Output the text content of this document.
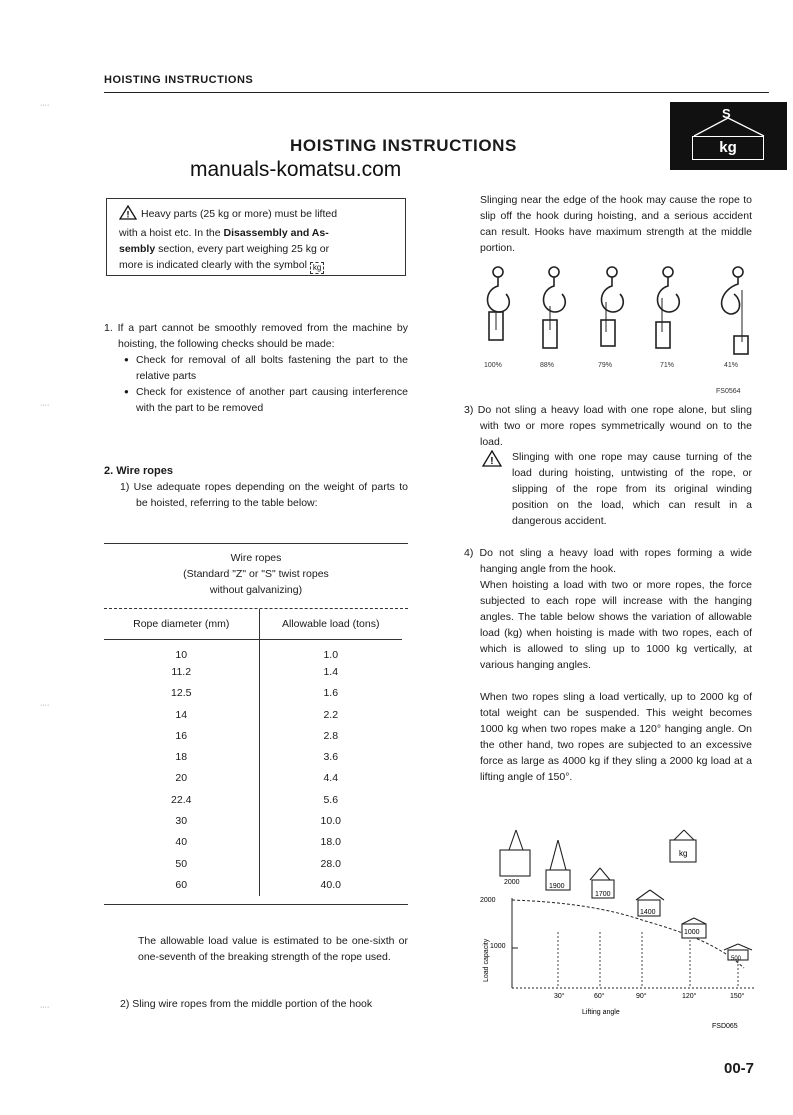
HOISTING INSTRUCTIONS
····
····
····
····
HOISTING INSTRUCTIONS
manuals-komatsu.com
S
kg
! Heavy parts (25 kg or more) must be lifted
with a hoist etc. In the Disassembly and As-
sembly section, every part weighing 25 kg or
more is indicated clearly with the symbol kg
1. If a part cannot be smoothly removed from the machine by hoisting, the following checks should be made:
● Check for removal of all bolts fastening the part to the relative parts
● Check for existence of another part causing interference with the part to be removed
2. Wire ropes
1) Use adequate ropes depending on the weight of parts to be hoisted, referring to the table below:
Wire ropes
(Standard "Z" or "S" twist ropes
without galvanizing)
Rope diameter (mm)	Allowable load (tons)

10	1.0
11.2	1.4
12.5	1.6
14	2.2
16	2.8
18	3.6
20	4.4
22.4	5.6
30	10.0
40	18.0
50	28.0
60	40.0
The allowable load value is estimated to be one-sixth or one-seventh of the breaking strength of the rope used.
2) Sling wire ropes from the middle portion of the hook
Slinging near the edge of the hook may cause the rope to slip off the hook during hoisting, and a serious accident can result. Hooks have maximum strength at the middle portion.
100%	88%	79%	71%	41%
FS0564
3) Do not sling a heavy load with one rope alone, but sling with two or more ropes symmetrically wound on to the load.
! Slinging with one rope may cause turning of the load during hoisting, untwisting of the rope, or slipping of the rope from its original winding position on the load, which can result in a dangerous accident.
4) Do not sling a heavy load with ropes forming a wide hanging angle from the hook.
When hoisting a load with two or more ropes, the force subjected to each rope will increase with the hanging angles. The table below shows the variation of allowable load (kg) when hoisting is made with two ropes, each of which is allowed to sling up to 1000 kg vertically, at various hanging angles.
When two ropes sling a load vertically, up to 2000 kg of total weight can be suspended. This weight becomes 1000 kg when two ropes make a 120° hanging angle. On the other hand, two ropes are subjected to an excessive force as large as 4000 kg if they sling a 2000 kg load at a lifting angle of 150°.
2000
1900
1700
1400
1000
500
kg
2000
1000
30°	60°	90°	120°	150°
Load capacity
Lifting angle
FSD065
00-7
